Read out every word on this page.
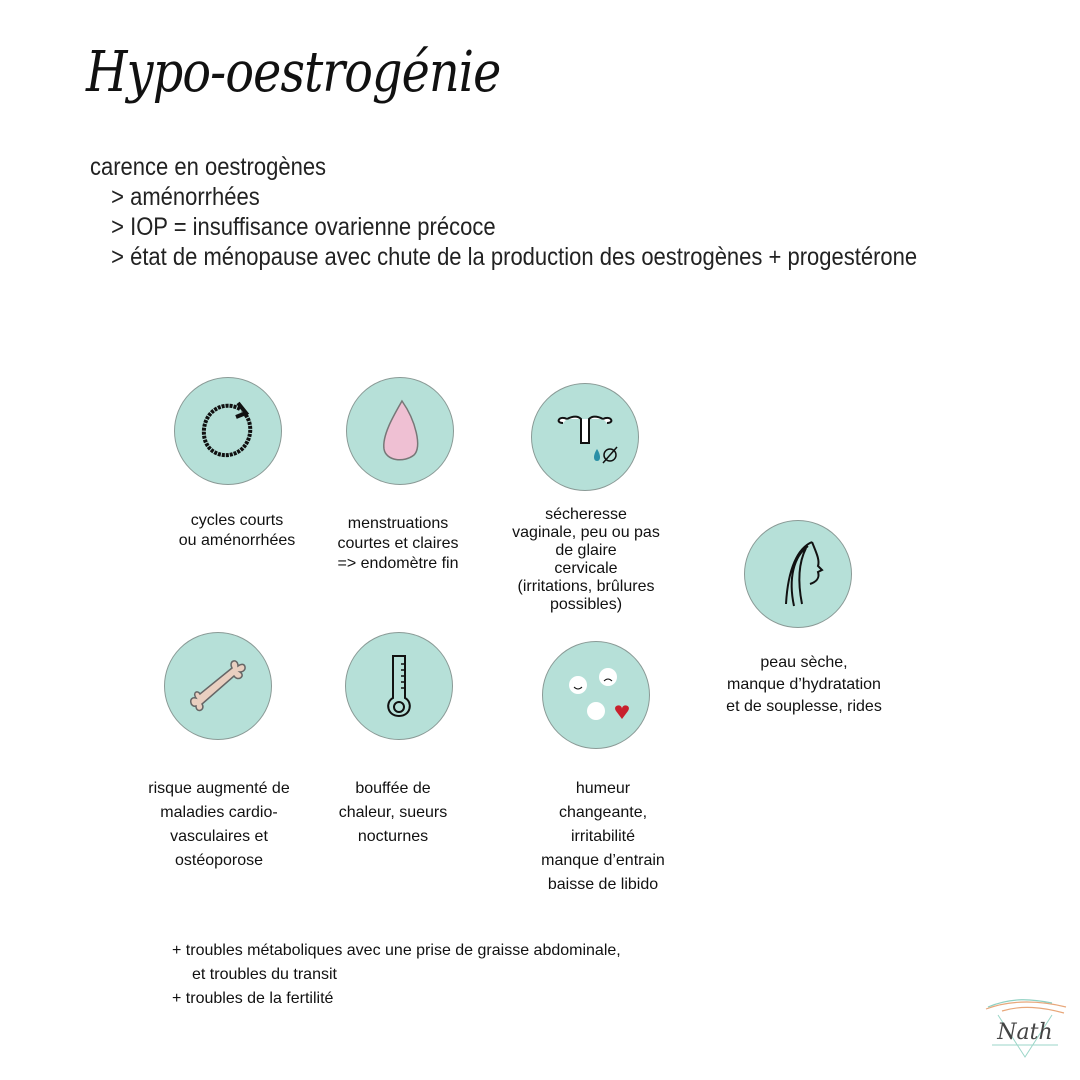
Hypo-oestrogénie
carence en oestrogènes
> aménorrhées
> IOP = insuffisance ovarienne précoce
> état de ménopause avec chute de la production des oestrogènes + progestérone
cycles courts
ou aménorrhées
menstruations
courtes et claires
=> endomètre fin
sécheresse
vaginale, peu ou pas
de glaire
cervicale
(irritations, brûlures
possibles)
peau sèche,
manque d’hydratation
et de souplesse, rides
risque augmenté de
maladies cardio-
vasculaires et
ostéoporose
bouffée de
chaleur, sueurs
nocturnes
humeur
changeante,
irritabilité
manque d’entrain
baisse de libido
+ troubles métaboliques avec une prise de graisse abdominale,
et troubles du transit
+ troubles de la fertilité
Nath
